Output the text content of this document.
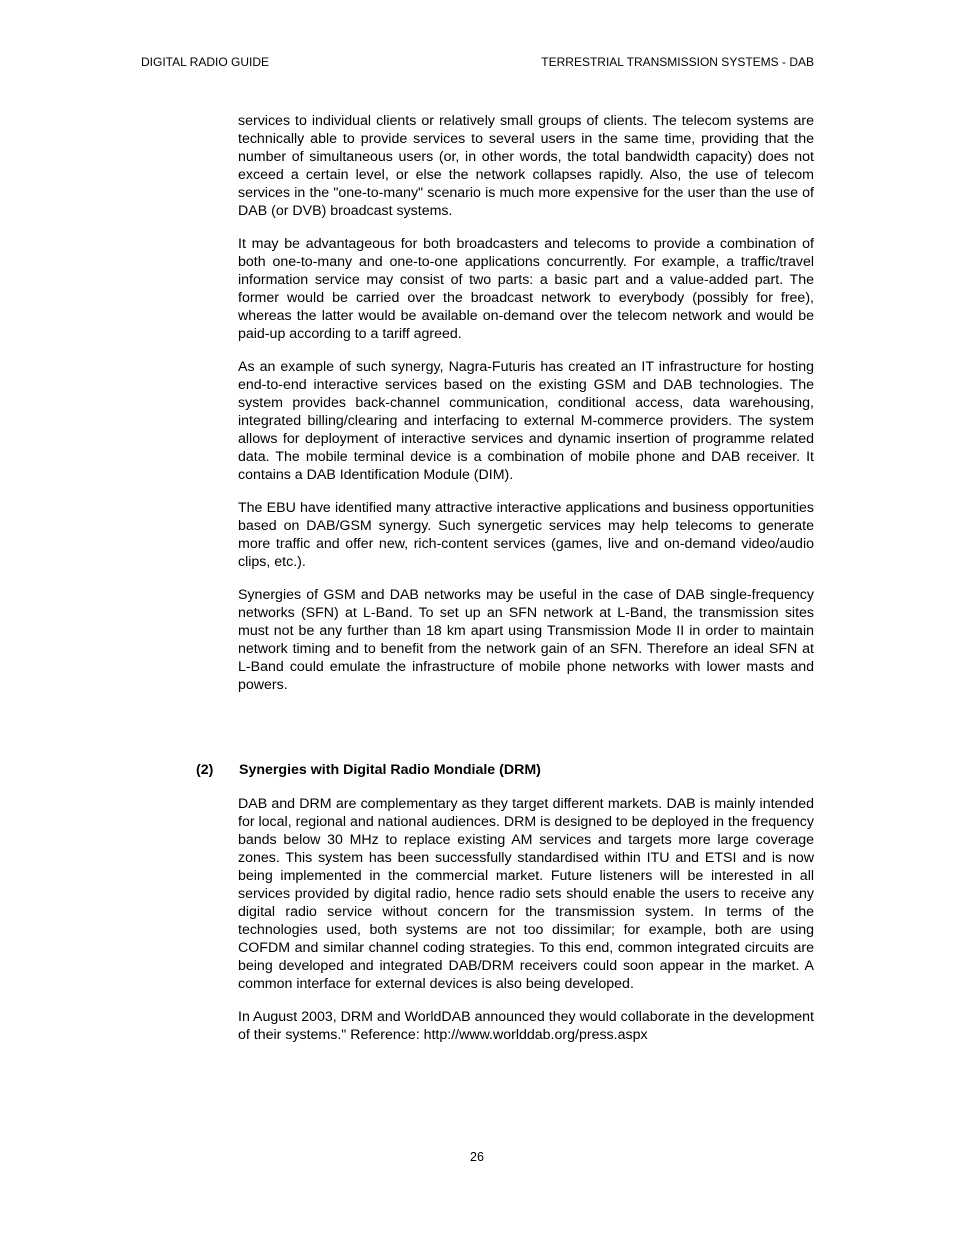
DIGITAL RADIO GUIDE	TERRESTRIAL TRANSMISSION SYSTEMS - DAB

services to individual clients or relatively small groups of clients. The telecom systems are technically able to provide services to several users in the same time, providing that the number of simultaneous users (or, in other words, the total bandwidth capacity) does not exceed a certain level, or else the network collapses rapidly. Also, the use of telecom services in the "one-to-many" scenario is much more expensive for the user than the use of DAB (or DVB) broadcast systems.

It may be advantageous for both broadcasters and telecoms to provide a combination of both one-to-many and one-to-one applications concurrently. For example, a traffic/travel information service may consist of two parts: a basic part and a value-added part. The former would be carried over the broadcast network to everybody (possibly for free), whereas the latter would be available on-demand over the telecom network and would be paid-up according to a tariff agreed.

As an example of such synergy, Nagra-Futuris has created an IT infrastructure for hosting end-to-end interactive services based on the existing GSM and DAB technologies. The system provides back-channel communication, conditional access, data warehousing, integrated billing/clearing and interfacing to external M-commerce providers. The system allows for deployment of interactive services and dynamic insertion of programme related data. The mobile terminal device is a combination of mobile phone and DAB receiver. It contains a DAB Identification Module (DIM).

The EBU have identified many attractive interactive applications and business opportunities based on DAB/GSM synergy. Such synergetic services may help telecoms to generate more traffic and offer new, rich-content services (games, live and on-demand video/audio clips, etc.).

Synergies of GSM and DAB networks may be useful in the case of DAB single-frequency networks (SFN) at L-Band. To set up an SFN network at L-Band, the transmission sites must not be any further than 18 km apart using Transmission Mode II in order to maintain network timing and to benefit from the network gain of an SFN. Therefore an ideal SFN at L-Band could emulate the infrastructure of mobile phone networks with lower masts and powers.

(2)	Synergies with Digital Radio Mondiale (DRM)

DAB and DRM are complementary as they target different markets. DAB is mainly intended for local, regional and national audiences. DRM is designed to be deployed in the frequency bands below 30 MHz to replace existing AM services and targets more large coverage zones. This system has been successfully standardised within ITU and ETSI and is now being implemented in the commercial market. Future listeners will be interested in all services provided by digital radio, hence radio sets should enable the users to receive any digital radio service without concern for the transmission system. In terms of the technologies used, both systems are not too dissimilar; for example, both are using COFDM and similar channel coding strategies. To this end, common integrated circuits are being developed and integrated DAB/DRM receivers could soon appear in the market. A common interface for external devices is also being developed.

In August 2003, DRM and WorldDAB announced they would collaborate in the development of their systems." Reference: http://www.worlddab.org/press.aspx

26
